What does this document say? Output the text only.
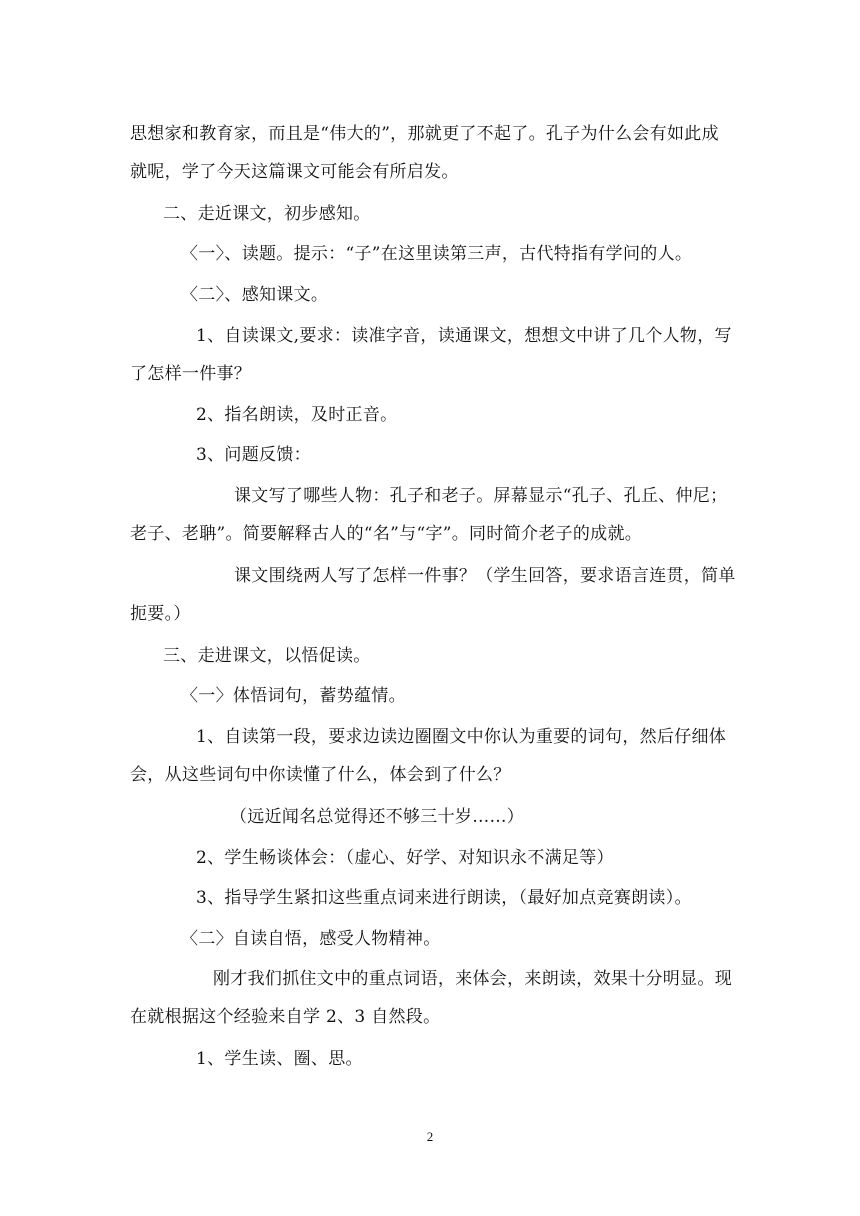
思想家和教育家，而且是“伟大的”，那就更了不起了。孔子为什么会有如此成
就呢，学了今天这篇课文可能会有所启发。
二、走近课文，初步感知。
〈一〉、读题。提示：“子”在这里读第三声，古代特指有学问的人。
〈二〉、感知课文。
1、自读课文,要求：读准字音，读通课文，想想文中讲了几个人物，写
了怎样一件事？
2、指名朗读，及时正音。
3、问题反馈：
课文写了哪些人物：孔子和老子。屏幕显示“孔子、孔丘、仲尼；
老子、老聃”。简要解释古人的“名”与“字”。同时简介老子的成就。
课文围绕两人写了怎样一件事？（学生回答，要求语言连贯，简单
扼要。）
三、走进课文，以悟促读。
〈一〉体悟词句，蓄势蕴情。
1、自读第一段，要求边读边圈圈文中你认为重要的词句，然后仔细体
会，从这些词句中你读懂了什么，体会到了什么？
（远近闻名总觉得还不够三十岁……）
2、学生畅谈体会：（虚心、好学、对知识永不满足等）
3、指导学生紧扣这些重点词来进行朗读，（最好加点竞赛朗读）。
〈二〉自读自悟，感受人物精神。
刚才我们抓住文中的重点词语，来体会，来朗读，效果十分明显。现
在就根据这个经验来自学 2、3 自然段。
1、学生读、圈、思。
2
